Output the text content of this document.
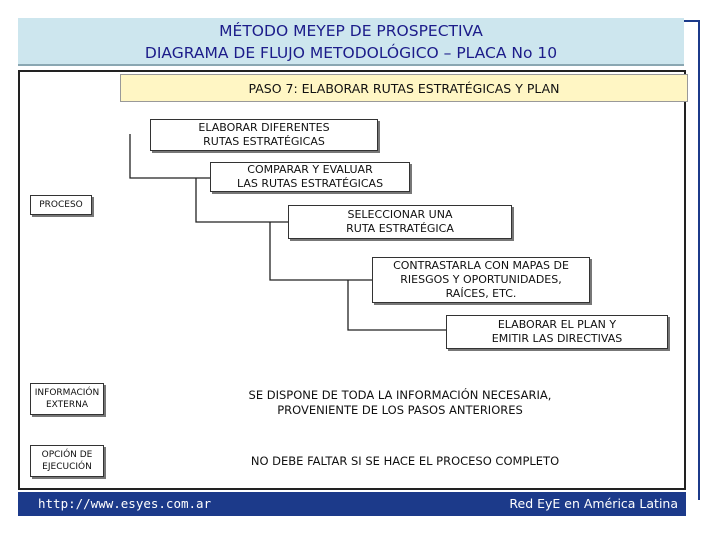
MÉTODO MEYEP DE PROSPECTIVA
DIAGRAMA DE FLUJO METODOLÓGICO – PLACA No 10
PASO 7: ELABORAR RUTAS ESTRATÉGICAS Y PLAN
ELABORAR DIFERENTES
RUTAS ESTRATÉGICAS
COMPARAR Y EVALUAR
LAS RUTAS ESTRATÉGICAS
PROCESO
SELECCIONAR UNA
RUTA ESTRATÉGICA
CONTRASTARLA CON MAPAS DE
RIESGOS Y OPORTUNIDADES,
RAÍCES, ETC.
ELABORAR EL PLAN Y
EMITIR LAS DIRECTIVAS
INFORMACIÓN
EXTERNA
SE DISPONE DE TODA LA INFORMACIÓN NECESARIA,
PROVENIENTE DE LOS PASOS ANTERIORES
OPCIÓN DE
EJECUCIÓN	NO DEBE FALTAR SI SE HACE EL PROCESO COMPLETO
http://www.esyes.com.ar	Red EyE en América Latina
